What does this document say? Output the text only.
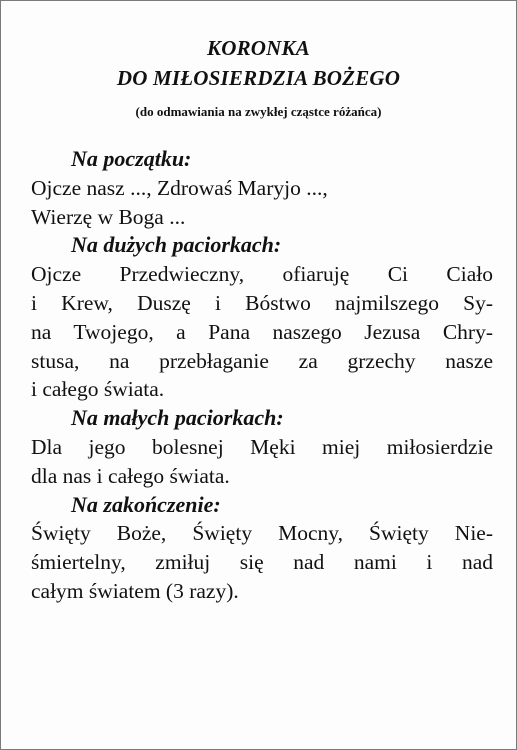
KORONKA
DO MIŁOSIERDZIA BOŻEGO
(do odmawiania na zwykłej cząstce różańca)
Na początku:
Ojcze nasz ..., Zdrowaś Maryjo ...,
Wierzę w Boga ...
Na dużych paciorkach:
Ojcze Przedwieczny, ofiaruję Ci Ciało
i Krew, Duszę i Bóstwo najmilszego Sy-
na Twojego, a Pana naszego Jezusa Chry-
stusa, na przebłaganie za grzechy nasze
i całego świata.
Na małych paciorkach:
Dla jego bolesnej Męki miej miłosierdzie
dla nas i całego świata.
Na zakończenie:
Święty Boże, Święty Mocny, Święty Nie-
śmiertelny, zmiłuj się nad nami i nad
całym światem (3 razy).
